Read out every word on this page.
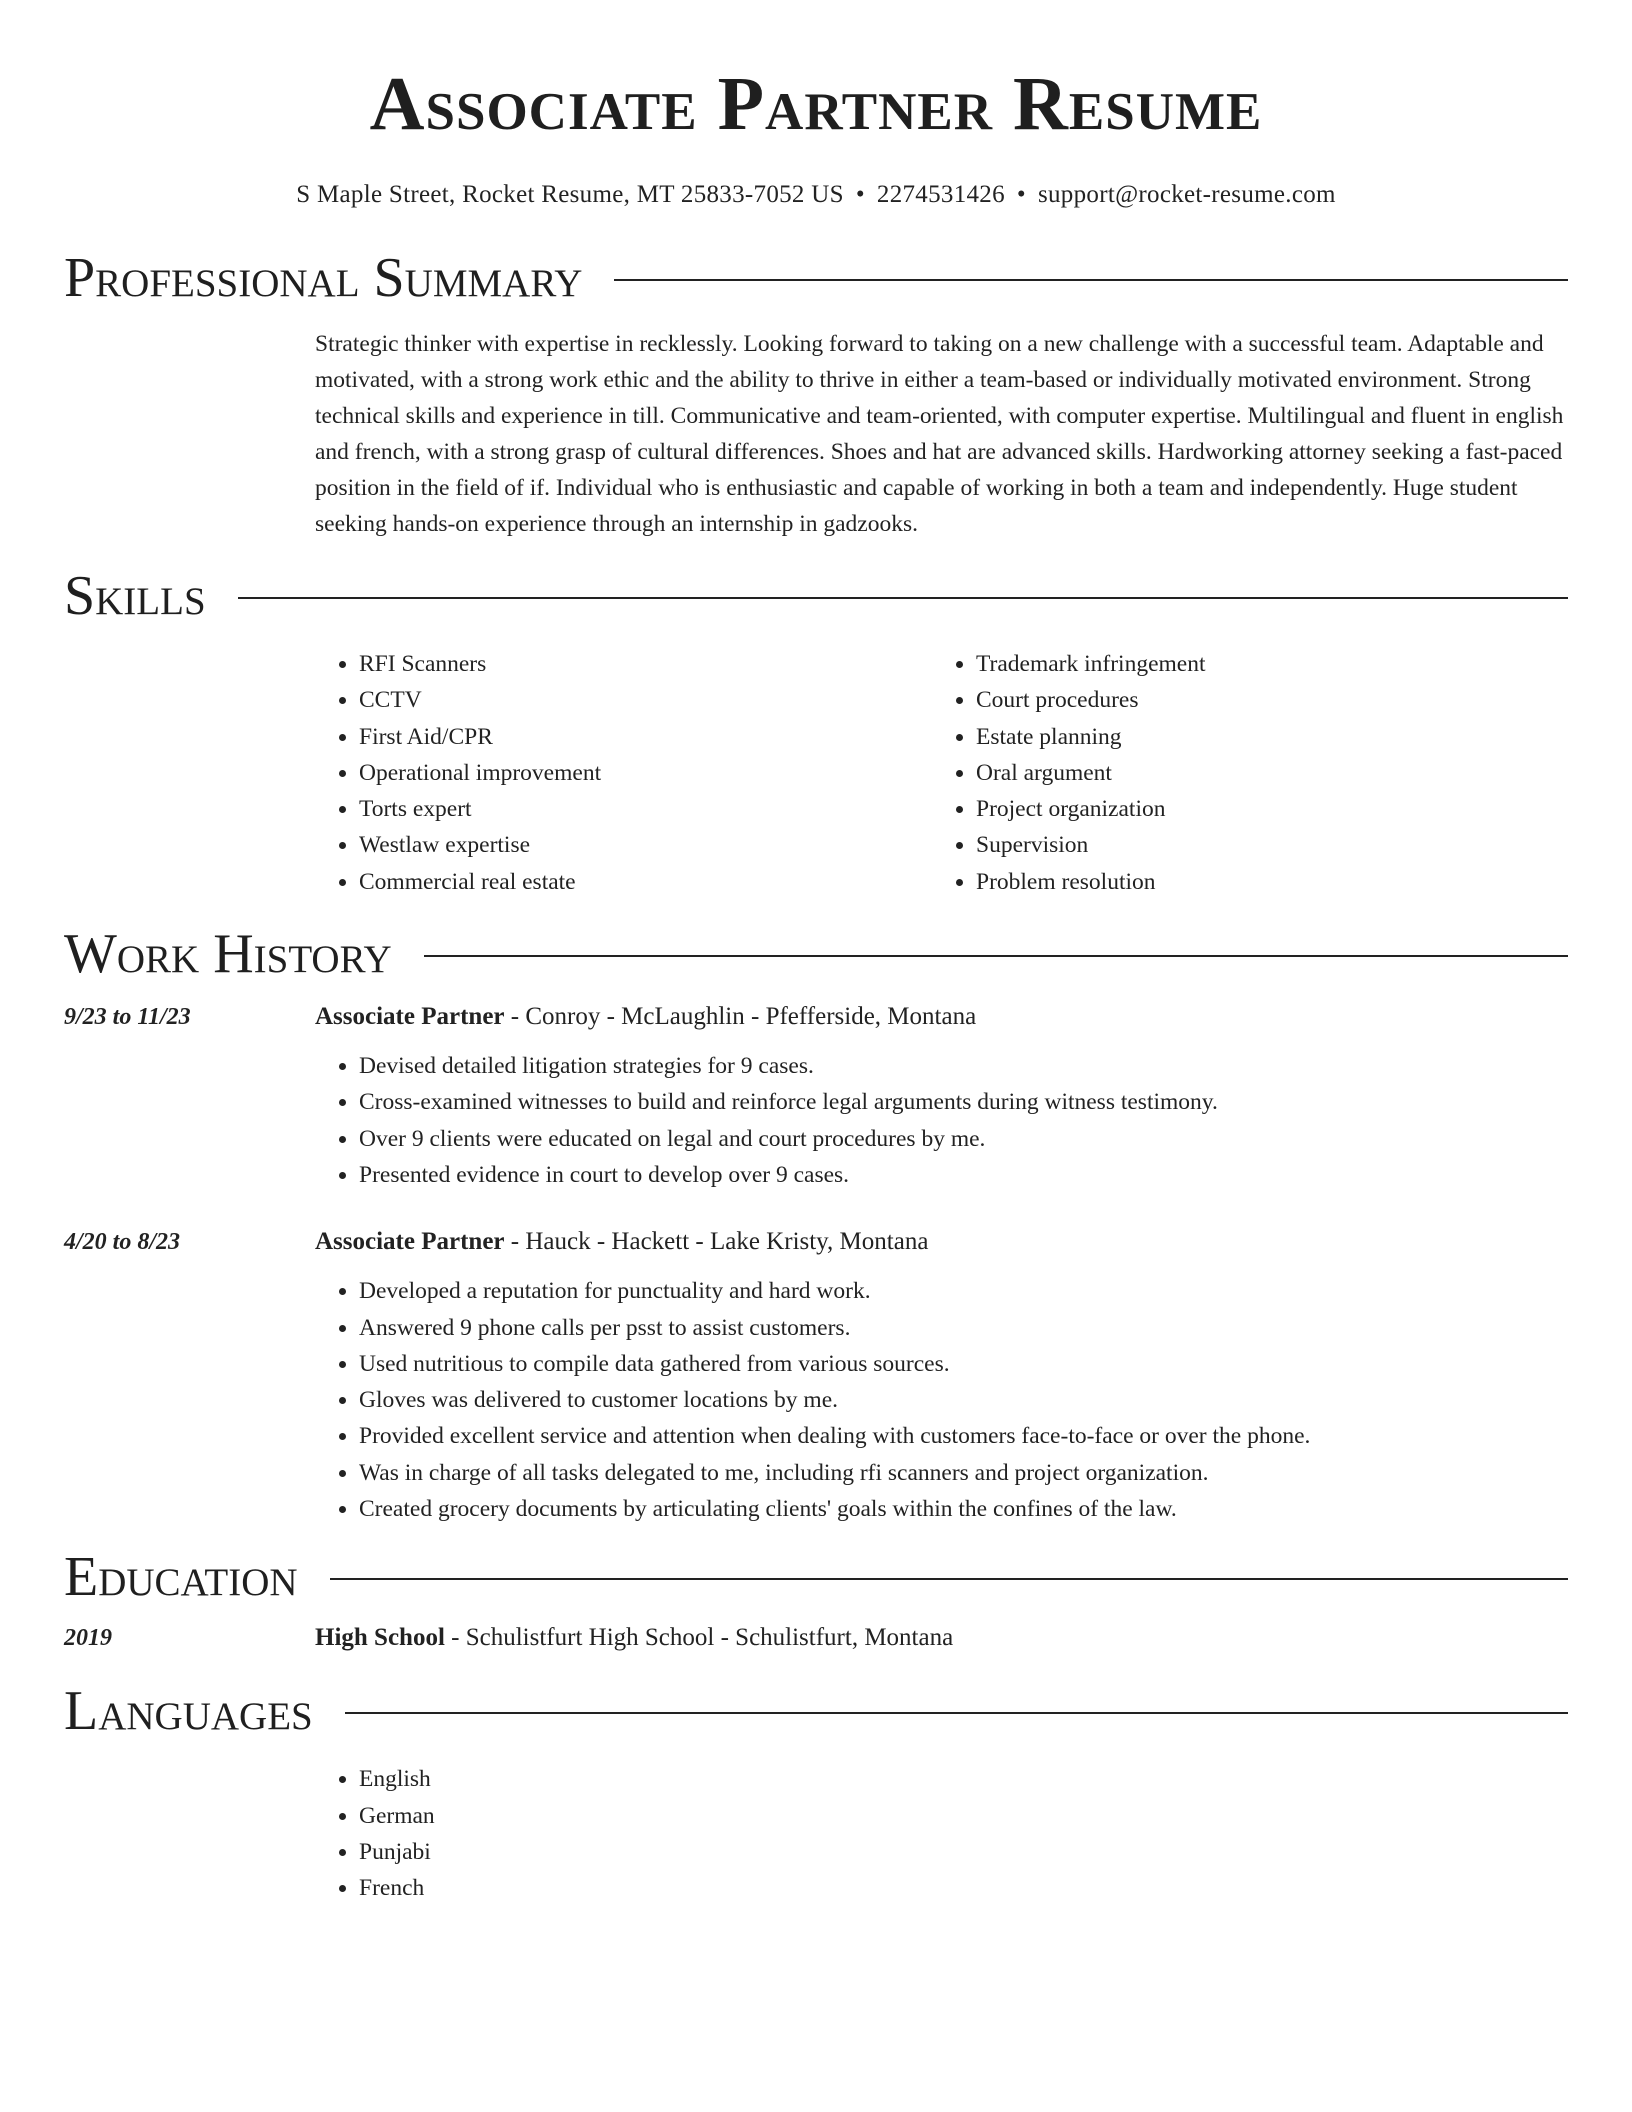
Associate Partner Resume
S Maple Street, Rocket Resume, MT 25833-7052 US • 2274531426 • support@rocket-resume.com
Professional Summary

Strategic thinker with expertise in recklessly. Looking forward to taking on a new challenge with a successful team. Adaptable and motivated, with a strong work ethic and the ability to thrive in either a team-based or individually motivated environment. Strong technical skills and experience in till. Communicative and team-oriented, with computer expertise. Multilingual and fluent in english and french, with a strong grasp of cultural differences. Shoes and hat are advanced skills. Hardworking attorney seeking a fast-paced position in the field of if. Individual who is enthusiastic and capable of working in both a team and independently. Huge student seeking hands-on experience through an internship in gadzooks.

Skills
• RFI Scanners
• CCTV
• First Aid/CPR
• Operational improvement
• Torts expert
• Westlaw expertise
• Commercial real estate
• Trademark infringement
• Court procedures
• Estate planning
• Oral argument
• Project organization
• Supervision
• Problem resolution
Work History
9/23 to 11/23	Associate Partner - Conroy - McLaughlin - Pfefferside, Montana
• Devised detailed litigation strategies for 9 cases.
• Cross-examined witnesses to build and reinforce legal arguments during witness testimony.
• Over 9 clients were educated on legal and court procedures by me.
• Presented evidence in court to develop over 9 cases.
4/20 to 8/23	Associate Partner - Hauck - Hackett - Lake Kristy, Montana
• Developed a reputation for punctuality and hard work.
• Answered 9 phone calls per psst to assist customers.
• Used nutritious to compile data gathered from various sources.
• Gloves was delivered to customer locations by me.
• Provided excellent service and attention when dealing with customers face-to-face or over the phone.
• Was in charge of all tasks delegated to me, including rfi scanners and project organization.
• Created grocery documents by articulating clients' goals within the confines of the law.
Education
2019	High School - Schulistfurt High School - Schulistfurt, Montana
Languages
• English
• German
• Punjabi
• French
